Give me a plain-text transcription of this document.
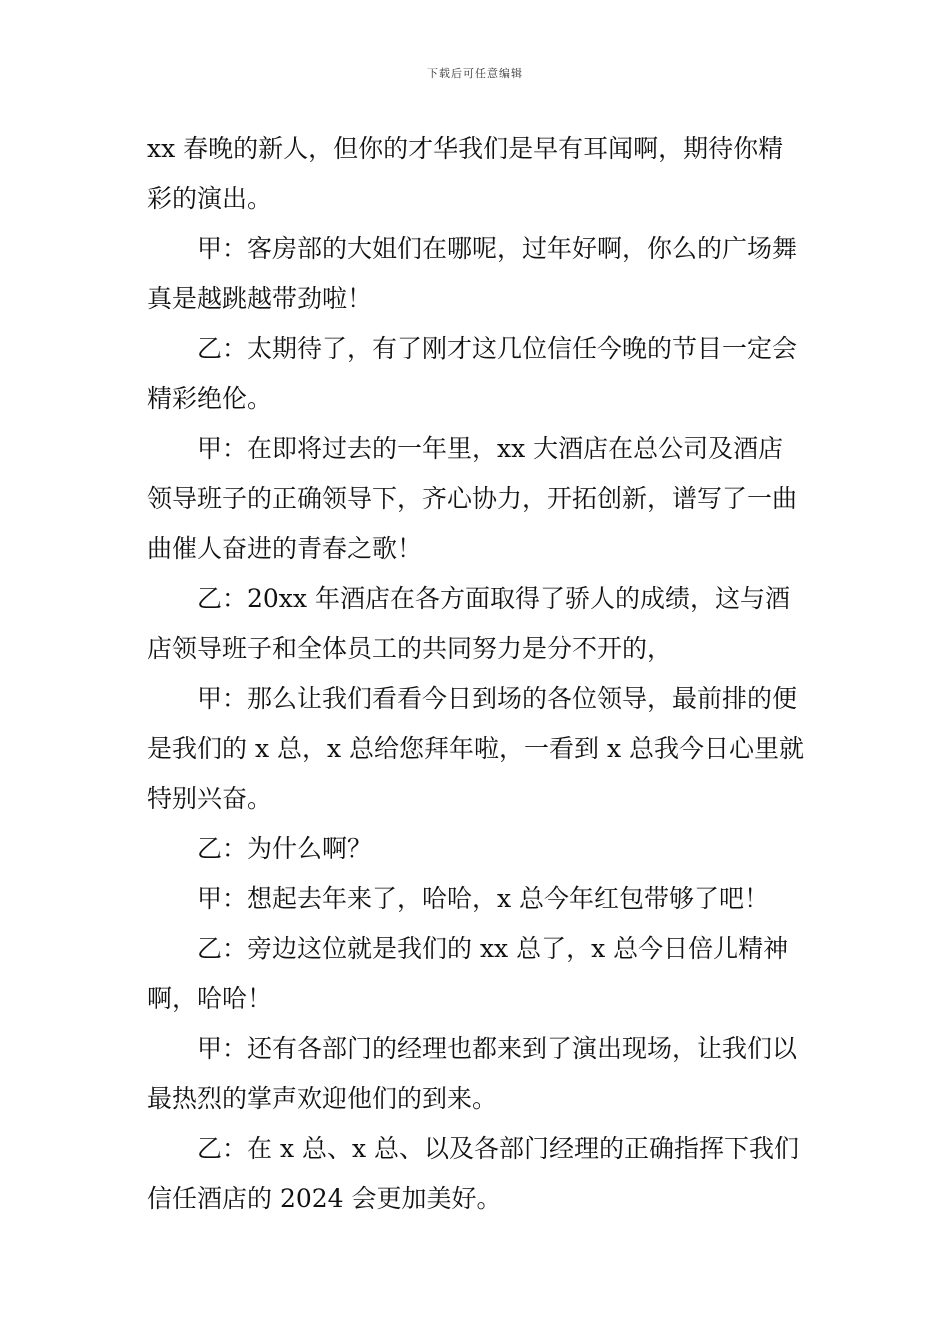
下载后可任意编辑

xx 春晚的新人，但你的才华我们是早有耳闻啊，期待你精彩的演出。

甲：客房部的大姐们在哪呢，过年好啊，你么的广场舞真是越跳越带劲啦！

乙：太期待了，有了刚才这几位信任今晚的节目一定会精彩绝伦。

甲：在即将过去的一年里，xx 大酒店在总公司及酒店领导班子的正确领导下，齐心协力，开拓创新，谱写了一曲曲催人奋进的青春之歌！

乙：20xx 年酒店在各方面取得了骄人的成绩，这与酒店领导班子和全体员工的共同努力是分不开的，

甲：那么让我们看看今日到场的各位领导，最前排的便是我们的 x 总，x 总给您拜年啦，一看到 x 总我今日心里就特别兴奋。

乙：为什么啊？

甲：想起去年来了，哈哈，x 总今年红包带够了吧！

乙：旁边这位就是我们的 xx 总了，x 总今日倍儿精神啊，哈哈！

甲：还有各部门的经理也都来到了演出现场，让我们以最热烈的掌声欢迎他们的到来。

乙：在 x 总、x 总、以及各部门经理的正确指挥下我们信任酒店的 2024 会更加美好。
